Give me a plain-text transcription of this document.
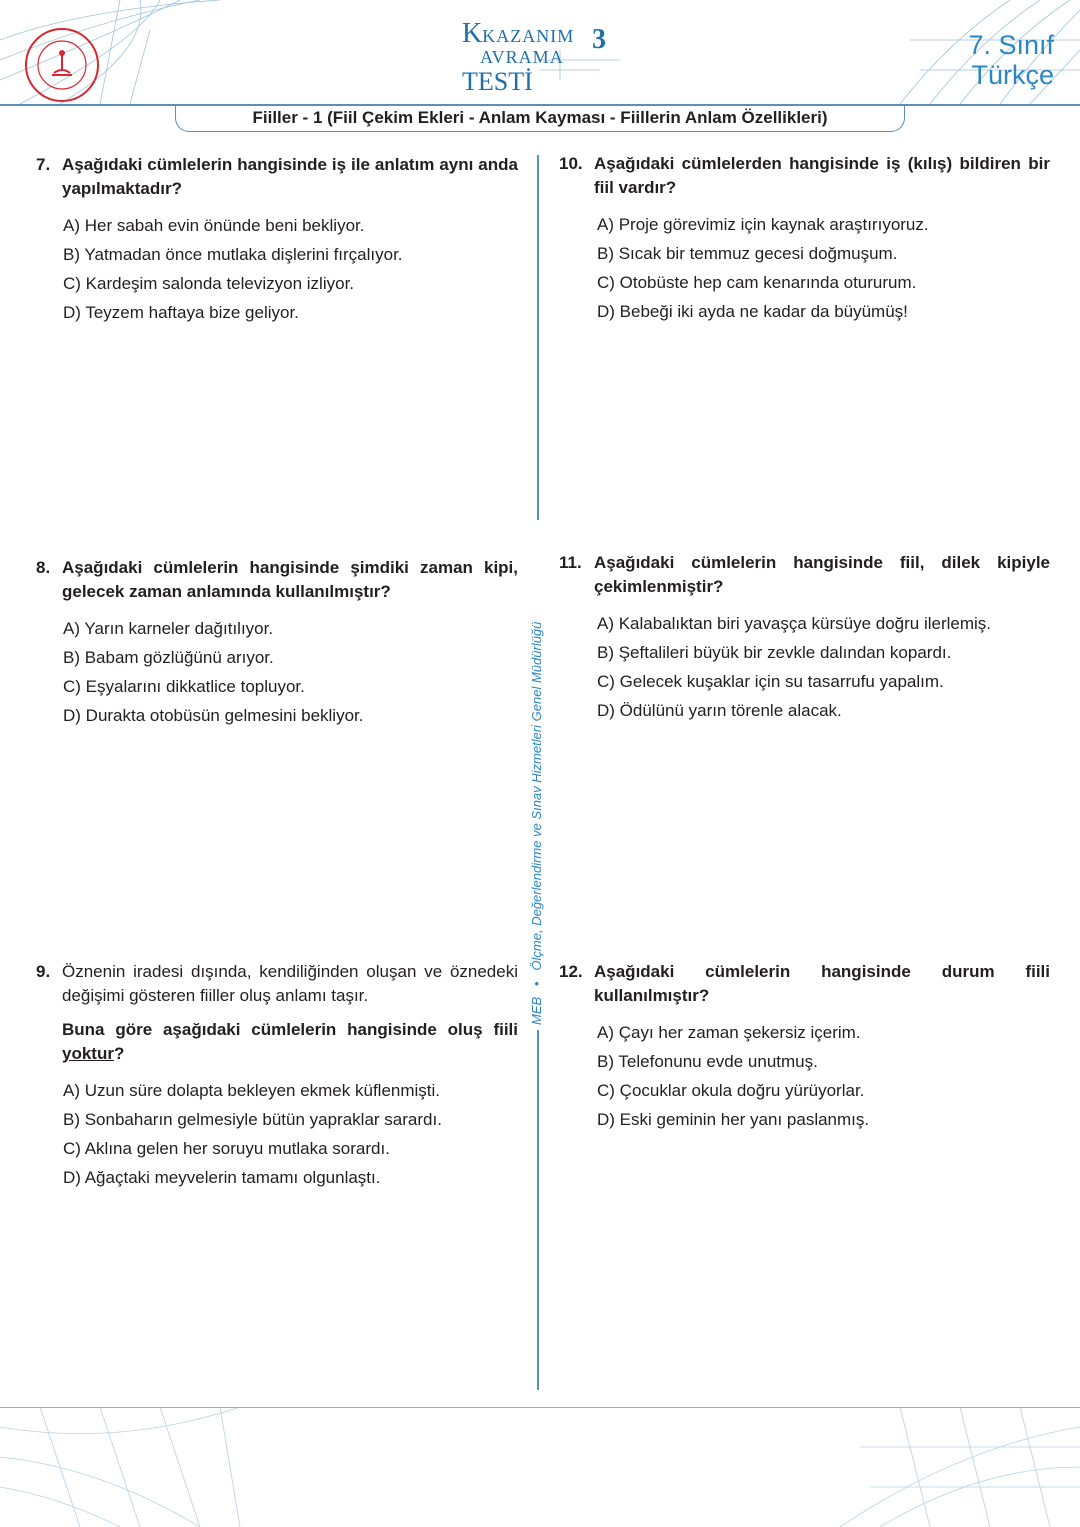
KKAZANIM
AVRAMA
TESTİ
3	7. Sınıf
Türkçe
Fiiller - 1 (Fiil Çekim Ekleri - Anlam Kayması - Fiillerin Anlam Özellikleri)
MEB   •   Ölçme, Değerlendirme ve Sınav Hizmetleri Genel Müdürlüğü
7. Aşağıdaki cümlelerin hangisinde iş ile anlatım aynı anda yapılmaktadır?
A) Her sabah evin önünde beni bekliyor.
B) Yatmadan önce mutlaka dişlerini fırçalıyor.
C) Kardeşim salonda televizyon izliyor.
D) Teyzem haftaya bize geliyor.
8. Aşağıdaki cümlelerin hangisinde şimdiki zaman kipi, gelecek zaman anlamında kullanılmıştır?
A) Yarın karneler dağıtılıyor.
B) Babam gözlüğünü arıyor.
C) Eşyalarını dikkatlice topluyor.
D) Durakta otobüsün gelmesini bekliyor.
9. Öznenin iradesi dışında, kendiliğinden oluşan ve öznedeki değişimi gösteren fiiller oluş anlamı taşır.
Buna göre aşağıdaki cümlelerin hangisinde oluş fiili yoktur?
A) Uzun süre dolapta bekleyen ekmek küflenmişti.
B) Sonbaharın gelmesiyle bütün yapraklar sarardı.
C) Aklına gelen her soruyu mutlaka sorardı.
D) Ağaçtaki meyvelerin tamamı olgunlaştı.
10. Aşağıdaki cümlelerden hangisinde iş (kılış) bildiren bir fiil vardır?
A) Proje görevimiz için kaynak araştırıyoruz.
B) Sıcak bir temmuz gecesi doğmuşum.
C) Otobüste hep cam kenarında otururum.
D) Bebeği iki ayda ne kadar da büyümüş!
11. Aşağıdaki cümlelerin hangisinde fiil, dilek kipiyle çekimlenmiştir?
A) Kalabalıktan biri yavaşça kürsüye doğru ilerlemiş.
B) Şeftalileri büyük bir zevkle dalından kopardı.
C) Gelecek kuşaklar için su tasarrufu yapalım.
D) Ödülünü yarın törenle alacak.
12. Aşağıdaki cümlelerin hangisinde durum fiili kullanılmıştır?
A) Çayı her zaman şekersiz içerim.
B) Telefonunu evde unutmuş.
C) Çocuklar okula doğru yürüyorlar.
D) Eski geminin her yanı paslanmış.
